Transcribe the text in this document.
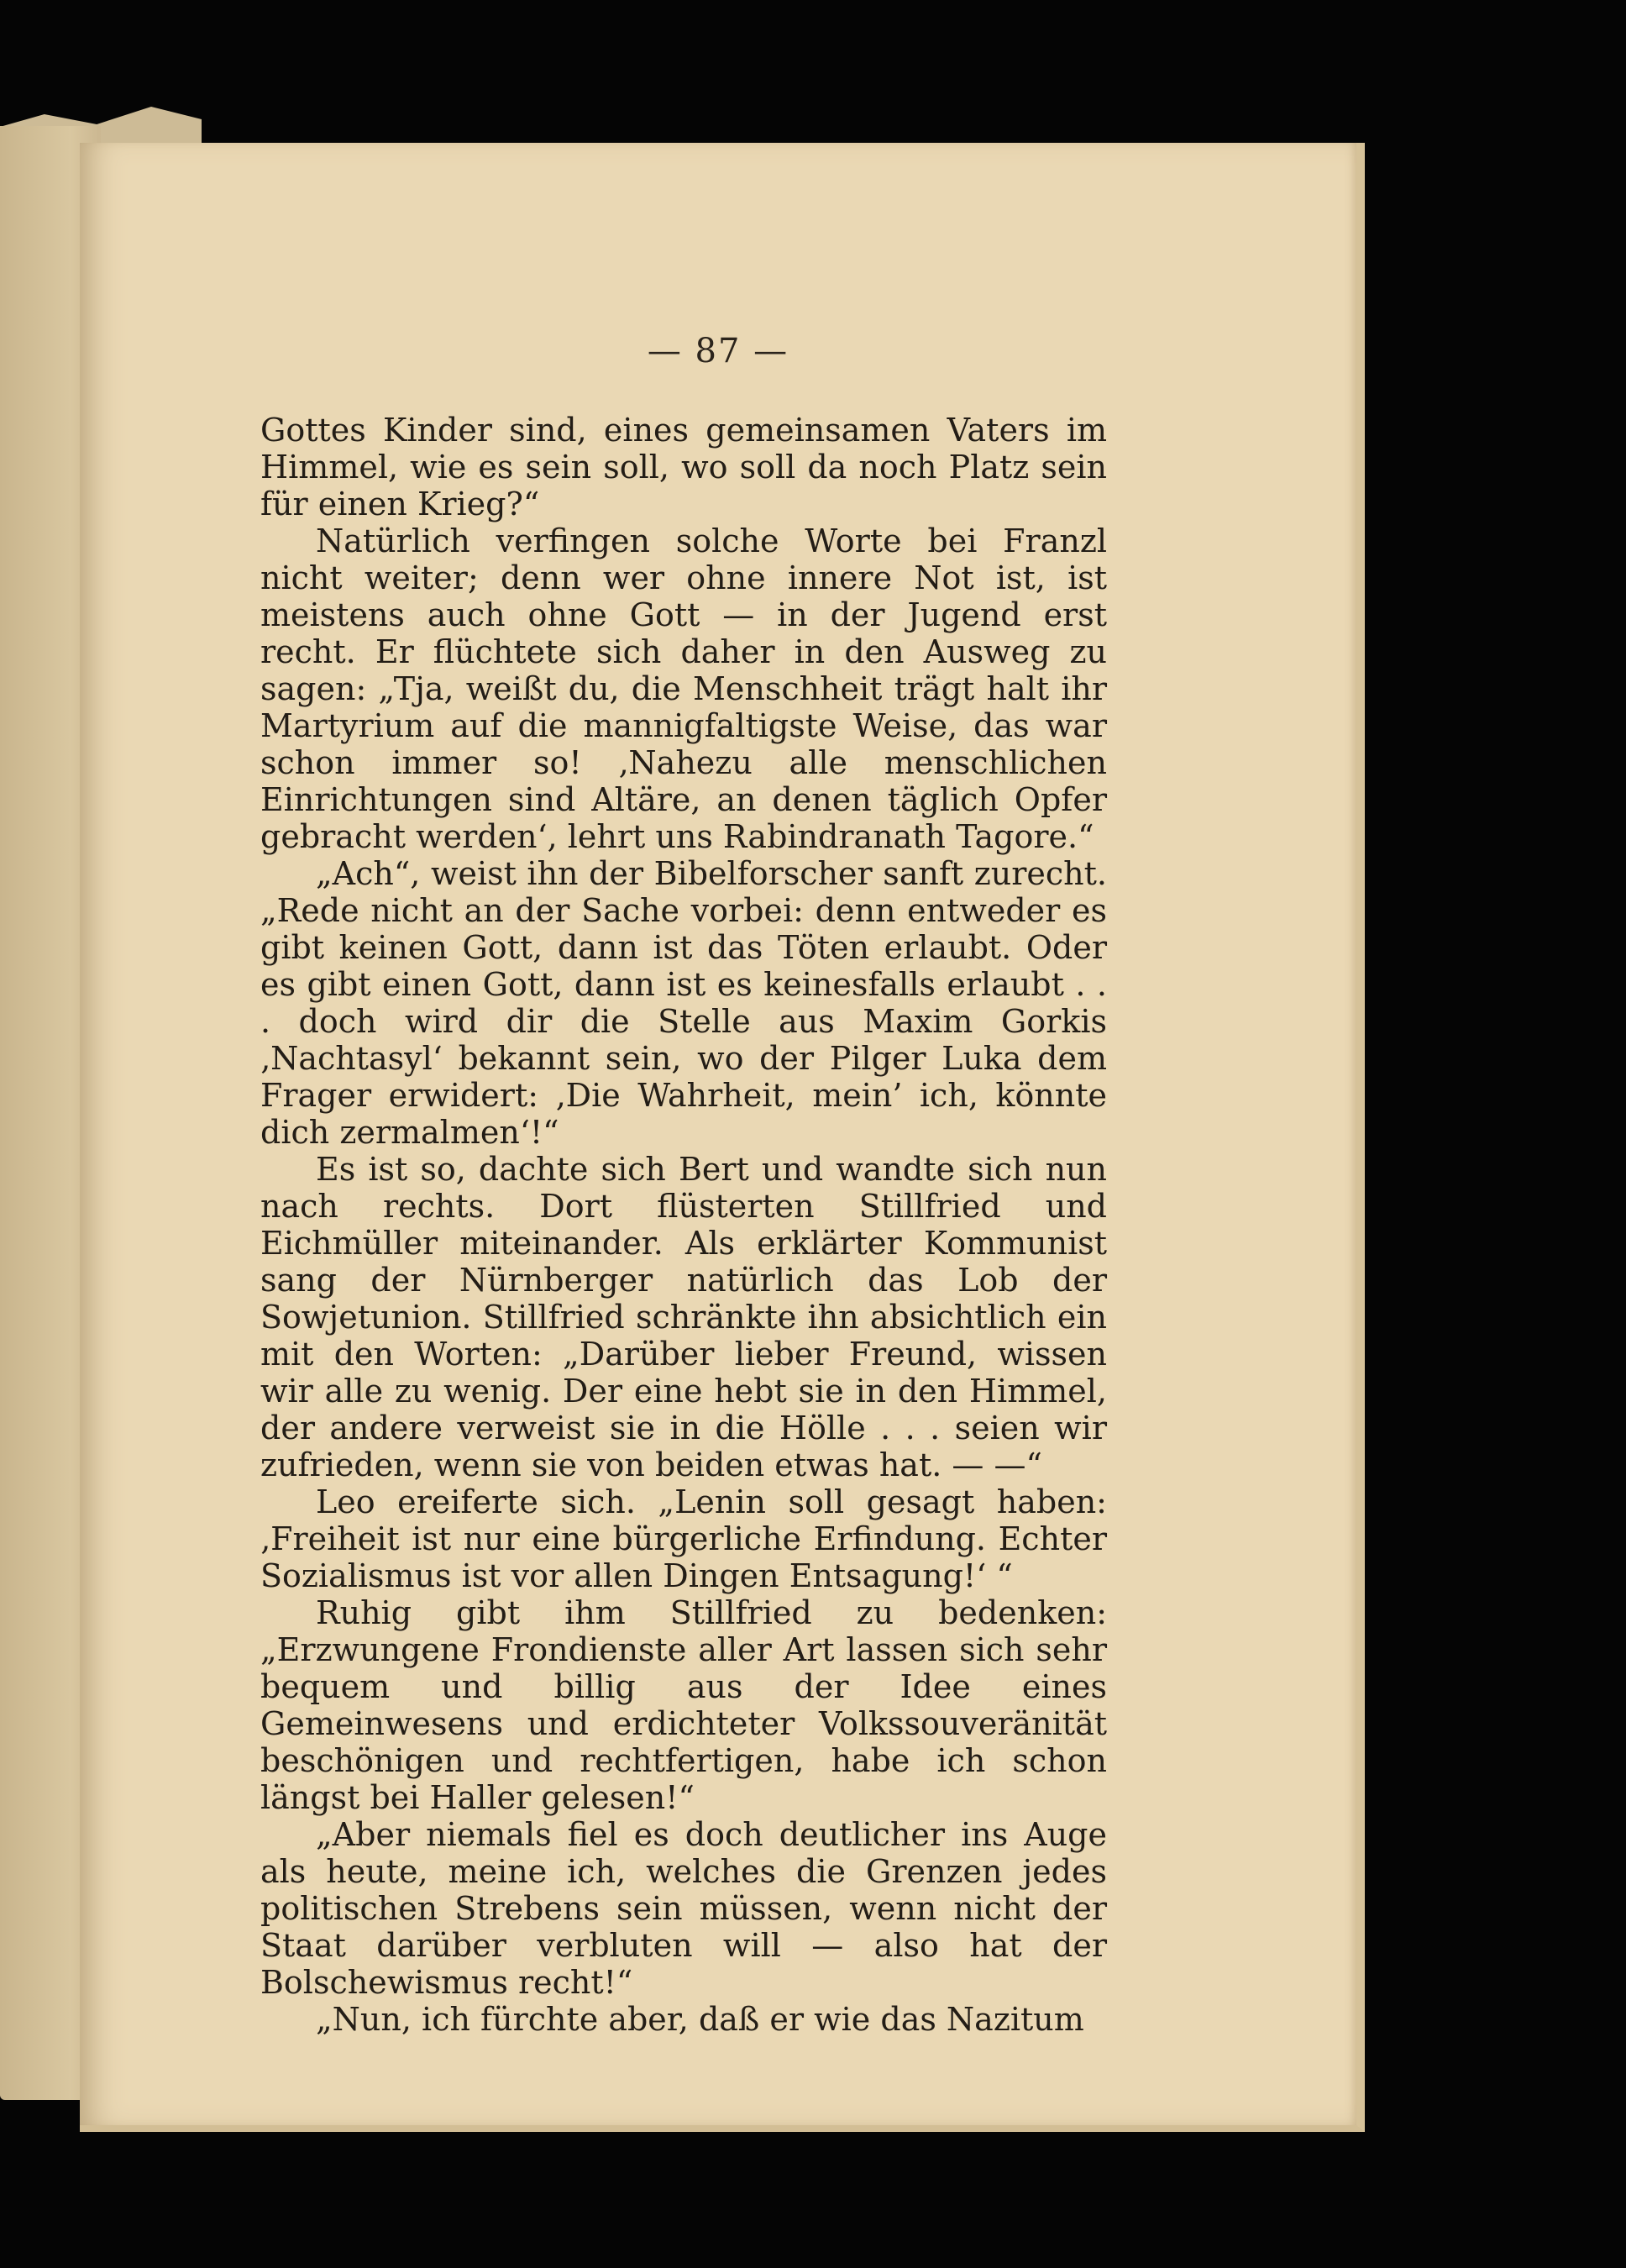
— 87 —

Gottes Kinder sind, eines gemeinsamen Vaters im Himmel, wie es sein soll, wo soll da noch Platz sein für einen Krieg?“

Natürlich verfingen solche Worte bei Franzl nicht weiter; denn wer ohne innere Not ist, ist meistens auch ohne Gott — in der Jugend erst recht. Er flüchtete sich daher in den Ausweg zu sagen: „Tja, weißt du, die Menschheit trägt halt ihr Martyrium auf die mannigfaltigste Weise, das war schon immer so! ‚Nahezu alle menschlichen Einrichtungen sind Altäre, an denen täglich Opfer gebracht werden‘, lehrt uns Rabindranath Tagore.“

„Ach“, weist ihn der Bibelforscher sanft zurecht. „Rede nicht an der Sache vorbei: denn entweder es gibt keinen Gott, dann ist das Töten erlaubt. Oder es gibt einen Gott, dann ist es keinesfalls erlaubt . . . doch wird dir die Stelle aus Maxim Gorkis ‚Nachtasyl‘ bekannt sein, wo der Pilger Luka dem Frager erwidert: ‚Die Wahrheit, mein’ ich, könnte dich zermalmen‘!“

Es ist so, dachte sich Bert und wandte sich nun nach rechts. Dort flüsterten Stillfried und Eichmüller miteinander. Als erklärter Kommunist sang der Nürnberger natürlich das Lob der Sowjetunion. Stillfried schränkte ihn absichtlich ein mit den Worten: „Darüber lieber Freund, wissen wir alle zu wenig. Der eine hebt sie in den Himmel, der andere verweist sie in die Hölle . . . seien wir zufrieden, wenn sie von beiden etwas hat. — —“

Leo ereiferte sich. „Lenin soll gesagt haben: ‚Freiheit ist nur eine bürgerliche Erfindung. Echter Sozialismus ist vor allen Dingen Entsagung!‘ “

Ruhig gibt ihm Stillfried zu bedenken: „Erzwungene Frondienste aller Art lassen sich sehr bequem und billig aus der Idee eines Gemeinwesens und erdichteter Volkssouveränität beschönigen und rechtfertigen, habe ich schon längst bei Haller gelesen!“

„Aber niemals fiel es doch deutlicher ins Auge als heute, meine ich, welches die Grenzen jedes politischen Strebens sein müssen, wenn nicht der Staat darüber verbluten will — also hat der Bolschewismus recht!“

„Nun, ich fürchte aber, daß er wie das Nazitum
